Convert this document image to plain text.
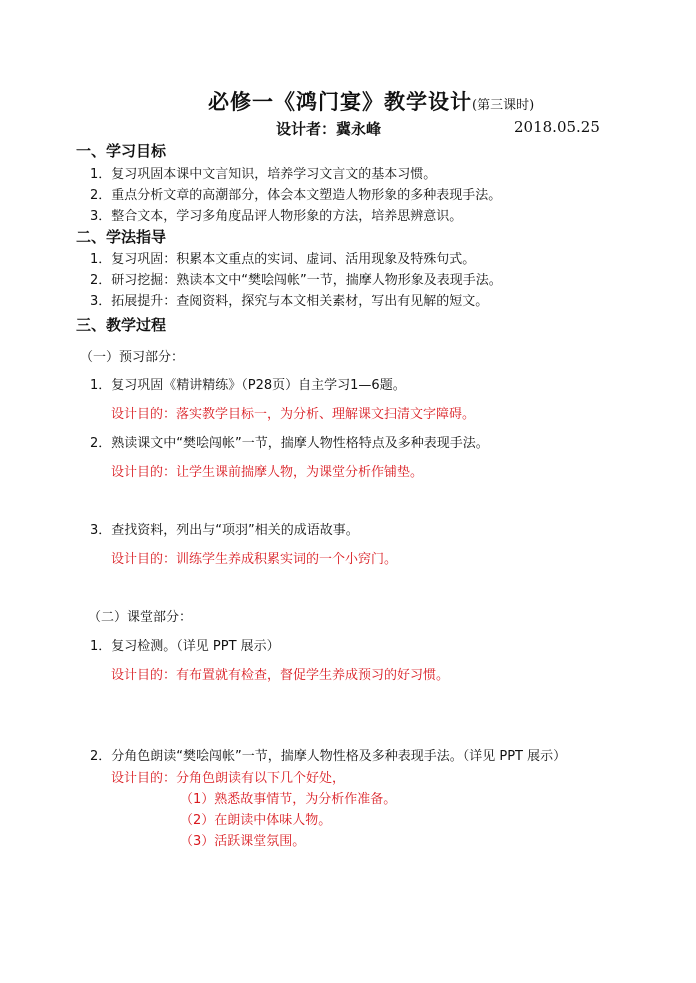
必修一《鸿门宴》教学设计(第三课时)
设计者：冀永峰	2018.05.25
一、学习目标
1．复习巩固本课中文言知识，培养学习文言文的基本习惯。
2．重点分析文章的高潮部分，体会本文塑造人物形象的多种表现手法。
3．整合文本，学习多角度品评人物形象的方法，培养思辨意识。
二、学法指导
1．复习巩固：积累本文重点的实词、虚词、活用现象及特殊句式。
2．研习挖掘：熟读本文中“樊哙闯帐”一节，揣摩人物形象及表现手法。
3．拓展提升：查阅资料，探究与本文相关素材，写出有见解的短文。
三、教学过程
（一）预习部分：
1．复习巩固《精讲精练》（P28页）自主学习1—6题。
设计目的：落实教学目标一，为分析、理解课文扫清文字障碍。
2．熟读课文中“樊哙闯帐”一节，揣摩人物性格特点及多种表现手法。
设计目的：让学生课前揣摩人物，为课堂分析作铺垫。
3．查找资料，列出与“项羽”相关的成语故事。
设计目的：训练学生养成积累实词的一个小窍门。
（二）课堂部分：
1．复习检测。（详见 PPT 展示）
设计目的：有布置就有检查，督促学生养成预习的好习惯。
2．分角色朗读“樊哙闯帐”一节，揣摩人物性格及多种表现手法。（详见 PPT 展示）
设计目的：分角色朗读有以下几个好处，
（1）熟悉故事情节，为分析作准备。
（2）在朗读中体味人物。
（3）活跃课堂氛围。
